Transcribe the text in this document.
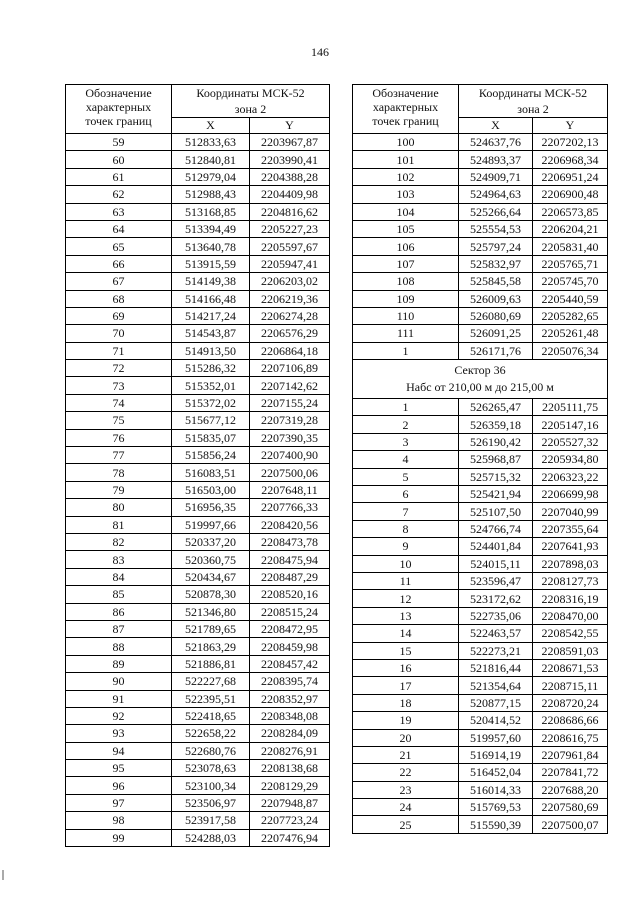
146
Обозначение
характерных
точек границ	Координаты МСК-52
зона 2	
	X	Y
59	512833,63	2203967,87
60	512840,81	2203990,41
61	512979,04	2204388,28
62	512988,43	2204409,98
63	513168,85	2204816,62
64	513394,49	2205227,23
65	513640,78	2205597,67
66	513915,59	2205947,41
67	514149,38	2206203,02
68	514166,48	2206219,36
69	514217,24	2206274,28
70	514543,87	2206576,29
71	514913,50	2206864,18
72	515286,32	2207106,89
73	515352,01	2207142,62
74	515372,02	2207155,24
75	515677,12	2207319,28
76	515835,07	2207390,35
77	515856,24	2207400,90
78	516083,51	2207500,06
79	516503,00	2207648,11
80	516956,35	2207766,33
81	519997,66	2208420,56
82	520337,20	2208473,78
83	520360,75	2208475,94
84	520434,67	2208487,29
85	520878,30	2208520,16
86	521346,80	2208515,24
87	521789,65	2208472,95
88	521863,29	2208459,98
89	521886,81	2208457,42
90	522227,68	2208395,74
91	522395,51	2208352,97
92	522418,65	2208348,08
93	522658,22	2208284,09
94	522680,76	2208276,91
95	523078,63	2208138,68
96	523100,34	2208129,29
97	523506,97	2207948,87
98	523917,58	2207723,24
99	524288,03	2207476,94
Обозначение
характерных
точек границ	Координаты МСК-52
зона 2	
	X	Y
100	524637,76	2207202,13
101	524893,37	2206968,34
102	524909,71	2206951,24
103	524964,63	2206900,48
104	525266,64	2206573,85
105	525554,53	2206204,21
106	525797,24	2205831,40
107	525832,97	2205765,71
108	525845,58	2205745,70
109	526009,63	2205440,59
110	526080,69	2205282,65
111	526091,25	2205261,48
1	526171,76	2205076,34
Сектор 36
Набс от 210,00 м до 215,00 м		
1	526265,47	2205111,75
2	526359,18	2205147,16
3	526190,42	2205527,32
4	525968,87	2205934,80
5	525715,32	2206323,22
6	525421,94	2206699,98
7	525107,50	2207040,99
8	524766,74	2207355,64
9	524401,84	2207641,93
10	524015,11	2207898,03
11	523596,47	2208127,73
12	523172,62	2208316,19
13	522735,06	2208470,00
14	522463,57	2208542,55
15	522273,21	2208591,03
16	521816,44	2208671,53
17	521354,64	2208715,11
18	520877,15	2208720,24
19	520414,52	2208686,66
20	519957,60	2208616,75
21	516914,19	2207961,84
22	516452,04	2207841,72
23	516014,33	2207688,20
24	515769,53	2207580,69
25	515590,39	2207500,07
